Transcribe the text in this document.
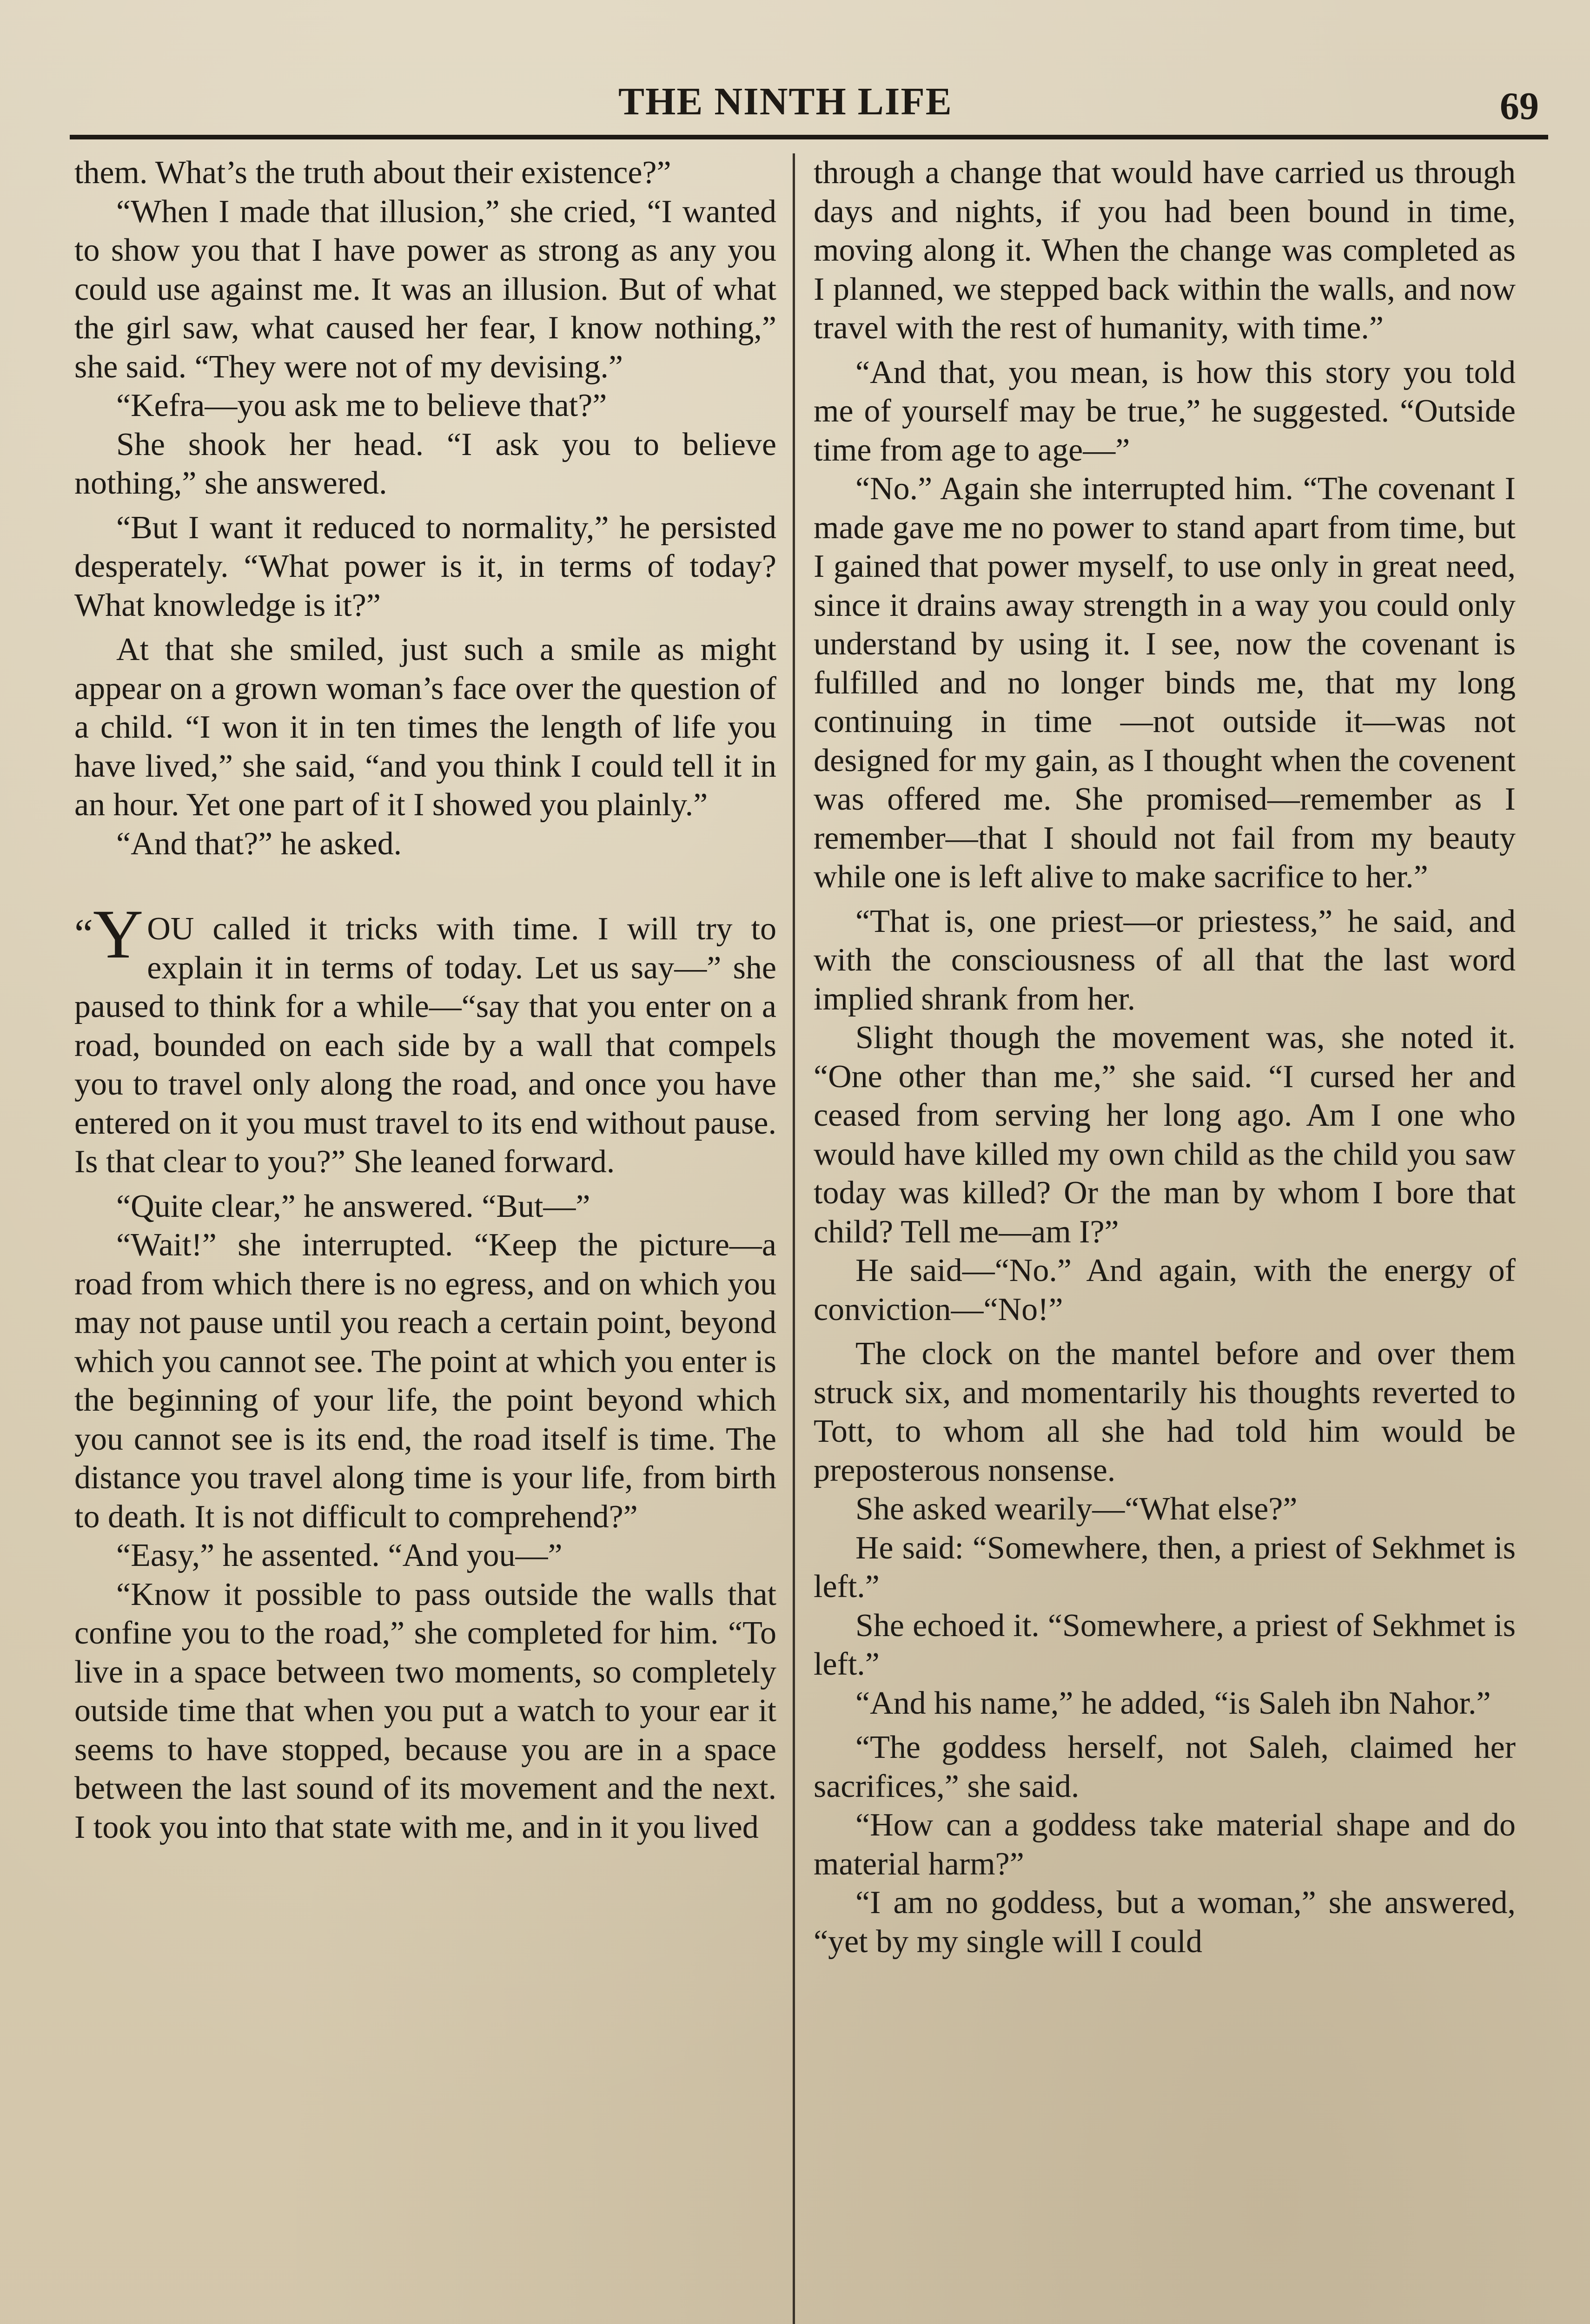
THE NINTH LIFE	69

them. What’s the truth about their existence?”

“When I made that illusion,” she cried, “I wanted to show you that I have power as strong as any you could use against me. It was an illusion. But of what the girl saw, what caused her fear, I know nothing,” she said. “They were not of my devising.”

“Kefra—you ask me to believe that?”

She shook her head. “I ask you to believe nothing,” she answered.

“But I want it reduced to normality,” he persisted desperately. “What power is it, in terms of today? What knowledge is it?”

At that she smiled, just such a smile as might appear on a grown woman’s face over the question of a child. “I won it in ten times the length of life you have lived,” she said, “and you think I could tell it in an hour. Yet one part of it I showed you plainly.”

“And that?” he asked.

“Y OU called it tricks with time. I will try to explain it in terms of today. Let us say—” she paused to think for a while—“say that you enter on a road, bounded on each side by a wall that compels you to travel only along the road, and once you have entered on it you must travel to its end without pause. Is that clear to you?” She leaned forward.

“Quite clear,” he answered. “But—”

“Wait!” she interrupted. “Keep the picture—a road from which there is no egress, and on which you may not pause until you reach a certain point, beyond which you cannot see. The point at which you enter is the beginning of your life, the point beyond which you cannot see is its end, the road itself is time. The distance you travel along time is your life, from birth to death. It is not difficult to comprehend?”

“Easy,” he assented. “And you—”

“Know it possible to pass outside the walls that confine you to the road,” she completed for him. “To live in a space between two moments, so completely outside time that when you put a watch to your ear it seems to have stopped, because you are in a space between the last sound of its movement and the next. I took you into that state with me, and in it you lived

through a change that would have carried us through days and nights, if you had been bound in time, moving along it. When the change was completed as I planned, we stepped back within the walls, and now travel with the rest of humanity, with time.”

“And that, you mean, is how this story you told me of yourself may be true,” he suggested. “Outside time from age to age—”

“No.” Again she interrupted him. “The covenant I made gave me no power to stand apart from time, but I gained that power myself, to use only in great need, since it drains away strength in a way you could only understand by using it. I see, now the covenant is fulfilled and no longer binds me, that my long continuing in time —not outside it—was not designed for my gain, as I thought when the covenent was offered me. She promised—remember as I remember—that I should not fail from my beauty while one is left alive to make sacrifice to her.”

“That is, one priest—or priestess,” he said, and with the consciousness of all that the last word implied shrank from her.

Slight though the movement was, she noted it. “One other than me,” she said. “I cursed her and ceased from serving her long ago. Am I one who would have killed my own child as the child you saw today was killed? Or the man by whom I bore that child? Tell me—am I?”

He said—“No.” And again, with the energy of conviction—“No!”

The clock on the mantel before and over them struck six, and momentarily his thoughts reverted to Tott, to whom all she had told him would be preposterous nonsense.

She asked wearily—“What else?”

He said: “Somewhere, then, a priest of Sekhmet is left.”

She echoed it. “Somewhere, a priest of Sekhmet is left.”

“And his name,” he added, “is Saleh ibn Nahor.”

“The goddess herself, not Saleh, claimed her sacrifices,” she said.

“How can a goddess take material shape and do material harm?”

“I am no goddess, but a woman,” she answered, “yet by my single will I could
